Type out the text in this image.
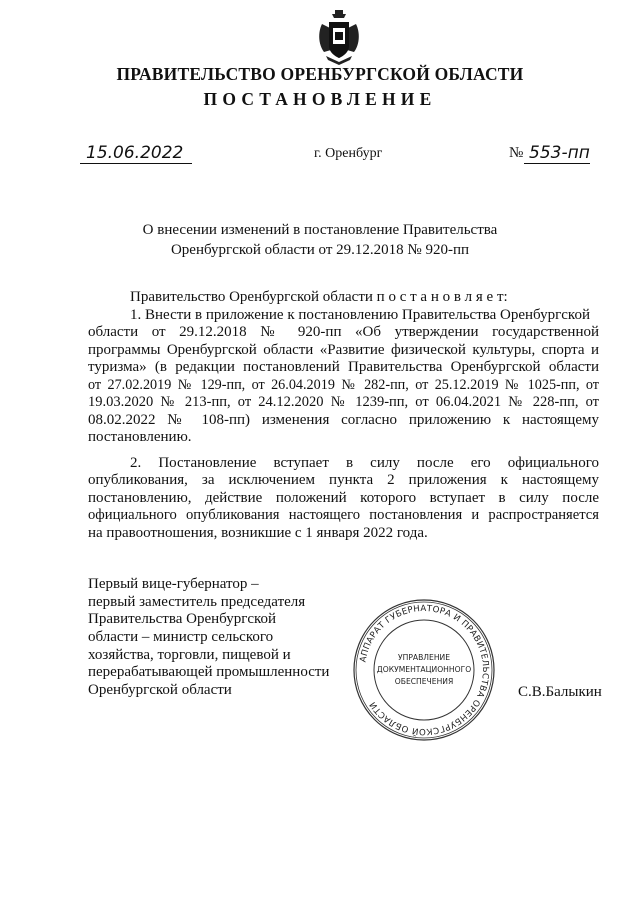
ПРАВИТЕЛЬСТВО ОРЕНБУРГСКОЙ ОБЛАСТИ
ПОСТАНОВЛЕНИЕ
15.06.2022	г. Оренбург	№ 553-пп
О внесении изменений в постановление Правительства
Оренбургской области от 29.12.2018 № 920-пп
Правительство Оренбургской области п о с т а н о в л я е т:
1. Внести в приложение к постановлению Правительства Оренбургской
области от 29.12.2018 № 920-пп «Об утверждении государственной
программы Оренбургской области «Развитие физической культуры, спорта и
туризма» (в редакции постановлений Правительства Оренбургской области
от 27.02.2019 № 129-пп, от 26.04.2019 № 282-пп, от 25.12.2019 № 1025-пп, от
19.03.2020 № 213-пп, от 24.12.2020 № 1239-пп, от 06.04.2021 № 228-пп, от
08.02.2022 № 108-пп) изменения согласно приложению к настоящему
постановлению.
2. Постановление вступает в силу после его официального
опубликования, за исключением пункта 2 приложения к настоящему
постановлению, действие положений которого вступает в силу после
официального опубликования настоящего постановления и распространяется
на правоотношения, возникшие с 1 января 2022 года.
Первый вице-губернатор –
первый заместитель председателя
Правительства Оренбургской
области – министр сельского
хозяйства, торговли, пищевой и
перерабатывающей промышленности
Оренбургской области	С.В.Балыкин
АППАРАТ ГУБЕРНАТОРА И ПРАВИТЕЛЬСТВА ОРЕНБУРГСКОЙ ОБЛАСТИ
УПРАВЛЕНИЕ
ДОКУМЕНТАЦИОННОГО
ОБЕСПЕЧЕНИЯ
